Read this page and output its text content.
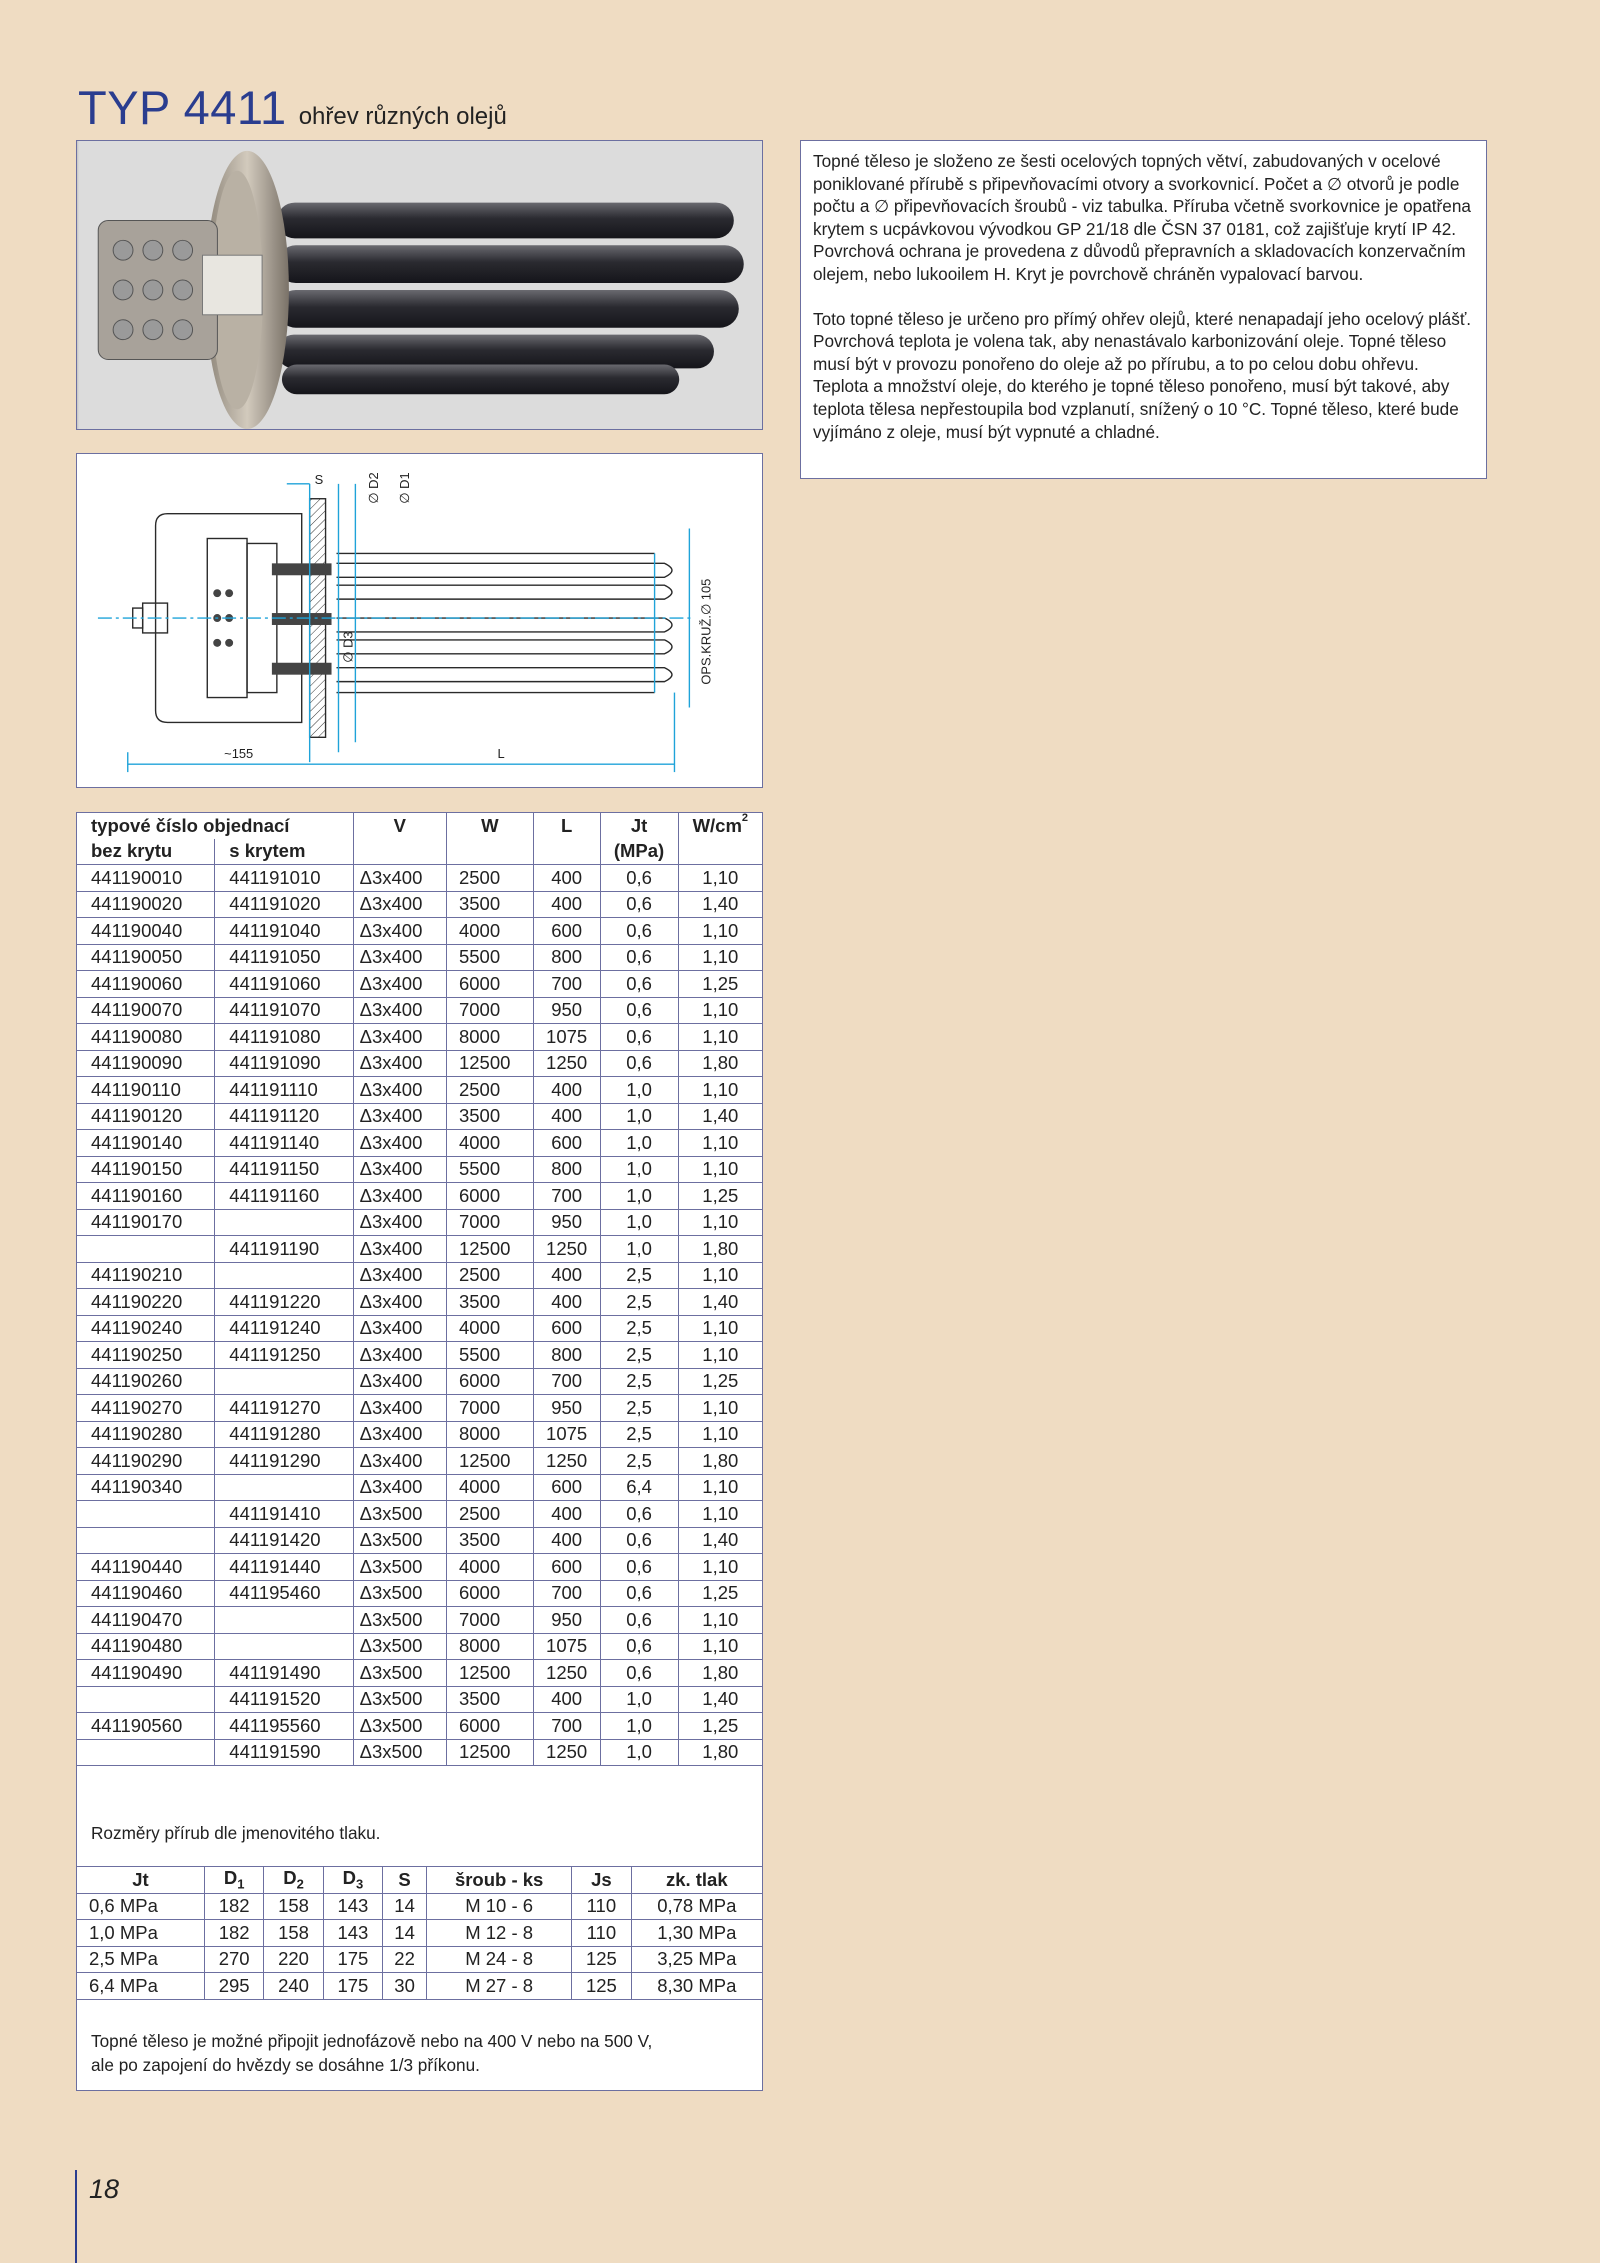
TYP 4411 ohřev různých olejů
S	∅ D2 ∅ D1
∅ D3	OPS.KRUŽ.∅ 105
~155	L

Topné těleso je složeno ze šesti ocelových topných větví, zabudovaných v ocelové poniklované přírubě s připevňovacími otvory a svorkovnicí. Počet a ∅ otvorů je podle počtu a ∅ připevňovacích šroubů - viz tabulka. Příruba včetně svorkovnice je opatřena krytem s ucpávkovou vývodkou GP 21/18 dle ČSN 37 0181, což zajišťuje krytí IP 42. Povrchová ochrana je provedena z důvodů přepravních a skladovacích konzervačním olejem, nebo lukooilem H. Kryt je povrchově chráněn vypalovací barvou.

Toto topné těleso je určeno pro přímý ohřev olejů, které nenapadají jeho ocelový plášť. Povrchová teplota je volena tak, aby nenastávalo karbonizování oleje. Topné těleso musí být v provozu ponořeno do oleje až po přírubu, a to po celou dobu ohřevu. Teplota a množství oleje, do kterého je topné těleso ponořeno, musí být takové, aby teplota tělesa nepřestoupila bod vzplanutí, snížený o 10 °C. Topné těleso, které bude vyjímáno z oleje, musí být vypnuté a chladné.

typové číslo objednací		V	W	L	Jt	$W/cm^2$
bez krytu	s krytem				(MPa)	
441190010	441191010	Δ3x400	2500	400	0,6	1,10
441190020	441191020	Δ3x400	3500	400	0,6	1,40
441190040	441191040	Δ3x400	4000	600	0,6	1,10
441190050	441191050	Δ3x400	5500	800	0,6	1,10
441190060	441191060	Δ3x400	6000	700	0,6	1,25
441190070	441191070	Δ3x400	7000	950	0,6	1,10
441190080	441191080	Δ3x400	8000	1075	0,6	1,10
441190090	441191090	Δ3x400	12500	1250	0,6	1,80
441190110	441191110	Δ3x400	2500	400	1,0	1,10
441190120	441191120	Δ3x400	3500	400	1,0	1,40
441190140	441191140	Δ3x400	4000	600	1,0	1,10
441190150	441191150	Δ3x400	5500	800	1,0	1,10
441190160	441191160	Δ3x400	6000	700	1,0	1,25
441190170		Δ3x400	7000	950	1,0	1,10
	441191190	Δ3x400	12500	1250	1,0	1,80
441190210		Δ3x400	2500	400	2,5	1,10
441190220	441191220	Δ3x400	3500	400	2,5	1,40
441190240	441191240	Δ3x400	4000	600	2,5	1,10
441190250	441191250	Δ3x400	5500	800	2,5	1,10
441190260		Δ3x400	6000	700	2,5	1,25
441190270	441191270	Δ3x400	7000	950	2,5	1,10
441190280	441191280	Δ3x400	8000	1075	2,5	1,10
441190290	441191290	Δ3x400	12500	1250	2,5	1,80
441190340		Δ3x400	4000	600	6,4	1,10
	441191410	Δ3x500	2500	400	0,6	1,10
	441191420	Δ3x500	3500	400	0,6	1,40
441190440	441191440	Δ3x500	4000	600	0,6	1,10
441190460	441195460	Δ3x500	6000	700	0,6	1,25
441190470		Δ3x500	7000	950	0,6	1,10
441190480		Δ3x500	8000	1075	0,6	1,10
441190490	441191490	Δ3x500	12500	1250	0,6	1,80
	441191520	Δ3x500	3500	400	1,0	1,40
441190560	441195560	Δ3x500	6000	700	1,0	1,25
	441191590	Δ3x500	12500	1250	1,0	1,80
Rozměry přírub dle jmenovitého tlaku.
Jt	$D_1$	$D_2$	$D_3$	S	šroub - ks	Js	zk. tlak
0,6 MPa	182	158	143	14	M 10 - 6	110	0,78 MPa
1,0 MPa	182	158	143	14	M 12 - 8	110	1,30 MPa
2,5 MPa	270	220	175	22	M 24 - 8	125	3,25 MPa
6,4 MPa	295	240	175	30	M 27 - 8	125	8,30 MPa
Topné těleso je možné připojit jednofázově nebo na 400 V nebo na 500 V,
ale po zapojení do hvězdy se dosáhne 1/3 příkonu.
18
